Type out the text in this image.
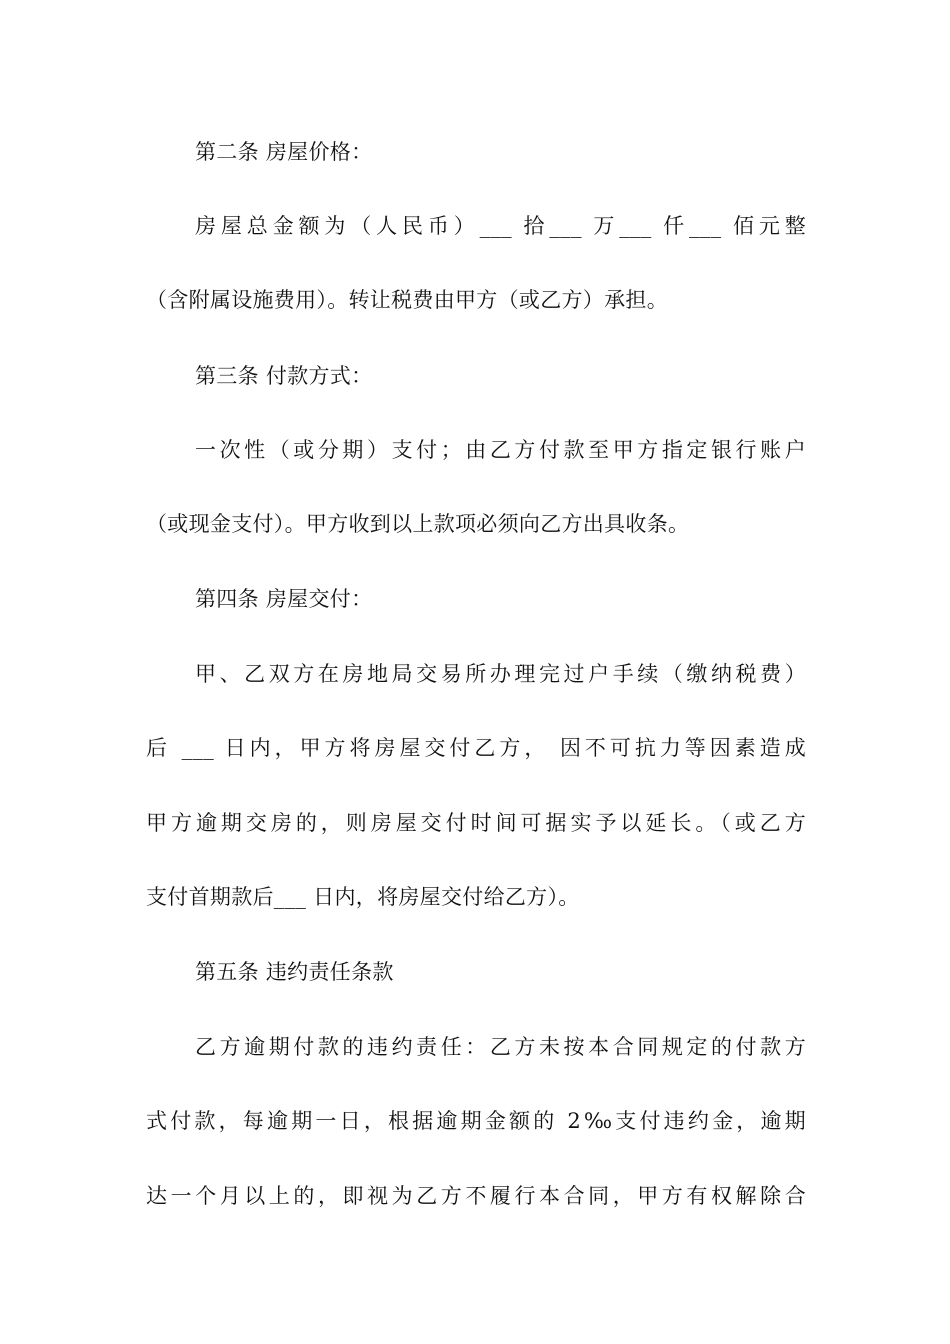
第二条 房屋价格：
房屋总金额为（人民币）___ 拾___ 万___ 仟___ 佰元整
（含附属设施费用）。转让税费由甲方（或乙方）承担。
第三条 付款方式：
一次性（或分期）支付；由乙方付款至甲方指定银行账户
（或现金支付）。甲方收到以上款项必须向乙方出具收条。
第四条 房屋交付：
甲、乙双方在房地局交易所办理完过户手续（缴纳税费）
后 ___ 日内，甲方将房屋交付乙方， 因不可抗力等因素造成
甲方逾期交房的，则房屋交付时间可据实予以延长。（或乙方
支付首期款后___ 日内，将房屋交付给乙方）。
第五条 违约责任条款
乙方逾期付款的违约责任：乙方未按本合同规定的付款方
式付款，每逾期一日，根据逾期金额的 2‰支付违约金，逾期
达一个月以上的，即视为乙方不履行本合同，甲方有权解除合
